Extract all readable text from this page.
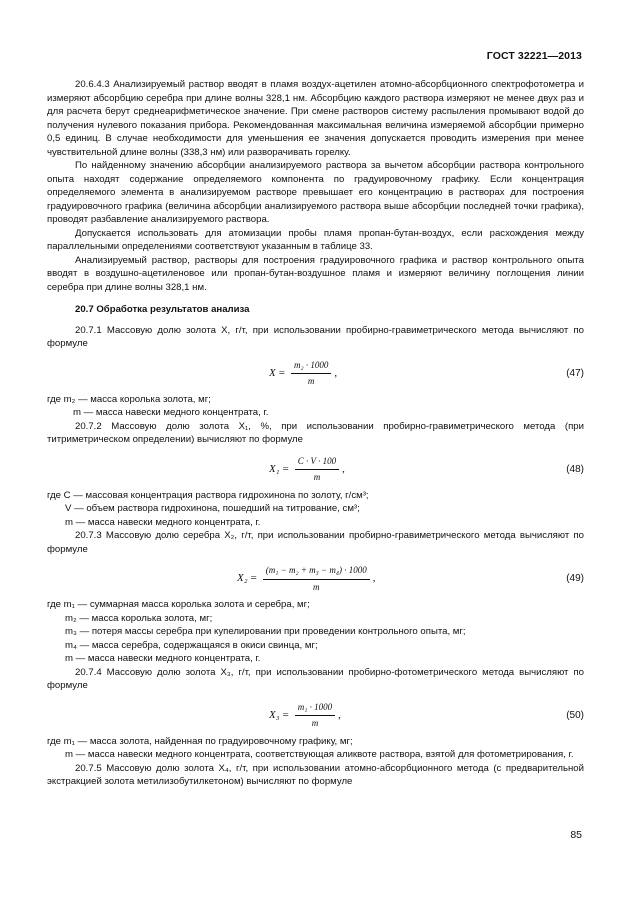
ГОСТ 32221—2013

20.6.4.3 Анализируемый раствор вводят в пламя воздух-ацетилен атомно-абсорбционного спектрофотометра и измеряют абсорбцию серебра при длине волны 328,1 нм. Абсорбцию каждого раствора измеряют не менее двух раз и для расчета берут среднеарифметическое значение. При смене растворов систему распыления промывают водой до получения нулевого показания прибора. Рекомендованная максимальная величина измеряемой абсорбции примерно 0,5 единиц. В случае необходимости для уменьшения ее значения допускается проводить измерения при менее чувствительной длине волны (338,3 нм) или разворачивать горелку.

По найденному значению абсорбции анализируемого раствора за вычетом абсорбции раствора контрольного опыта находят содержание определяемого компонента по градуировочному графику. Если концентрация определяемого элемента в анализируемом растворе превышает его концентрацию в растворах для построения градуировочного графика (величина абсорбции анализируемого раствора выше абсорбции последней точки графика), проводят разбавление анализируемого раствора.

Допускается использовать для атомизации пробы пламя пропан-бутан-воздух, если расхождения между параллельными определениями соответствуют указанным в таблице 33.

Анализируемый раствор, растворы для построения градуировочного графика и раствор контрольного опыта вводят в воздушно-ацетиленовое или пропан-бутан-воздушное пламя и измеряют величину поглощения линии серебра при длине волны 328,1 нм.

20.7 Обработка результатов анализа

20.7.1 Массовую долю золота X, г/т, при использовании пробирно-гравиметрического метода вычисляют по формуле

$X = \frac{\text{m₂ · 1000}}{m}$ ,	(47)

где m₂ — масса королька золота, мг;

m — масса навески медного концентрата, г.

20.7.2 Массовую долю золота X₁, %, при использовании пробирно-гравиметрического метода (при титриметрическом определении) вычисляют по формуле

$X_1 = \frac{C \cdot V \cdot 100}{m}$ ,	(48)

где C — массовая концентрация раствора гидрохинона по золоту, г/см³;

V — объем раствора гидрохинона, пошедший на титрование, см³;

m — масса навески медного концентрата, г.

20.7.3 Массовую долю серебра X₂, г/т, при использовании пробирно-гравиметрического метода вычисляют по формуле

$X_2 = \frac{\text{(m₁ − m₂ + m₃ − m₄) · 1000}}{m}$ ,	(49)

где m₁ — суммарная масса королька золота и серебра, мг;

m₂ — масса королька золота, мг;

m₃ — потеря массы серебра при купелировании при проведении контрольного опыта, мг;

m₄ — масса серебра, содержащаяся в окиси свинца, мг;

m — масса навески медного концентрата, г.

20.7.4 Массовую долю золота X₃, г/т, при использовании пробирно-фотометрического метода вычисляют по формуле

$X_3 = \frac{\text{m₁ · 1000}}{m}$ ,	(50)

где m₁ — масса золота, найденная по градуировочному графику, мг;

m — масса навески медного концентрата, соответствующая аликвоте раствора, взятой для фотометрирования, г.

20.7.5 Массовую долю золота X₄, г/т, при использовании атомно-абсорбционного метода (с предварительной экстракцией золота метилизобутилкетоном) вычисляют по формуле

85
